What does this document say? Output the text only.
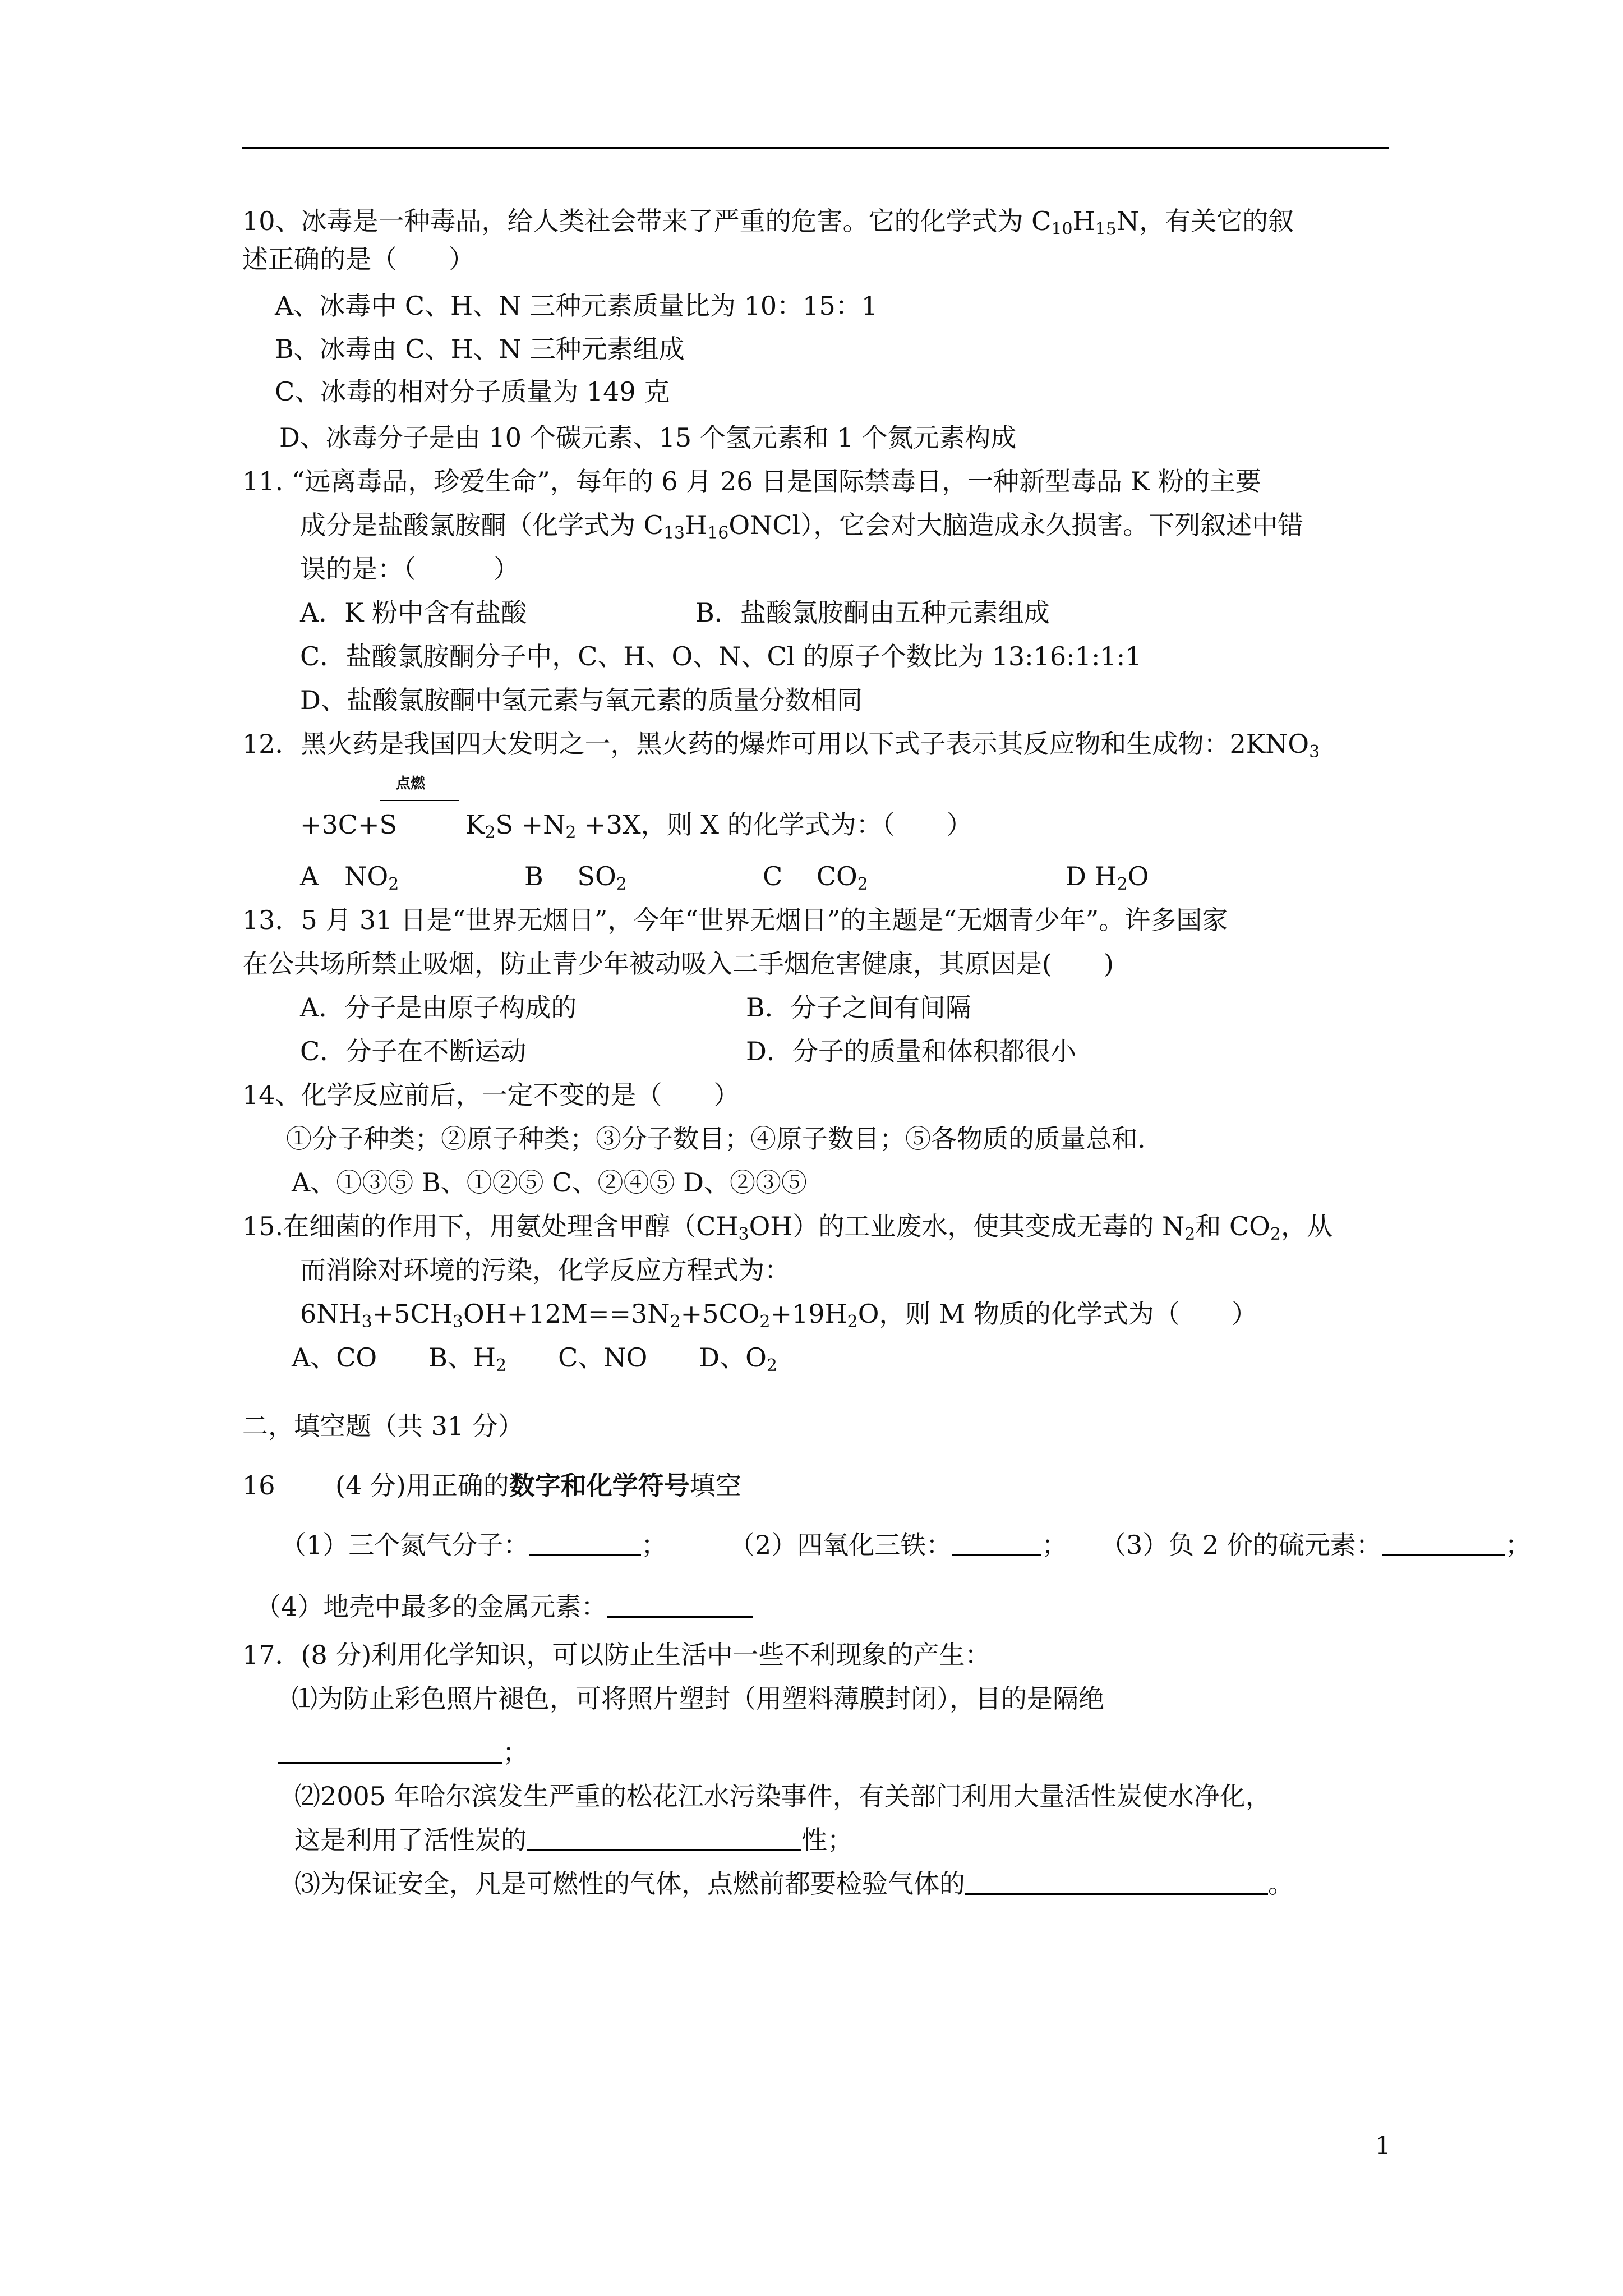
10、冰毒是一种毒品，给人类社会带来了严重的危害。它的化学式为 $C_{10}H_{15}N$，有关它的叙
述正确的是（　　）
A、冰毒中 C、H、N 三种元素质量比为 10：15：1
B、冰毒由 C、H、N 三种元素组成
C、冰毒的相对分子质量为 149 克
D、冰毒分子是由 10 个碳元素、15 个氢元素和 1 个氮元素构成
11. “远离毒品，珍爱生命”，每年的 6 月 26 日是国际禁毒日，一种新型毒品 K 粉的主要
成分是盐酸氯胺酮（化学式为 $C_{13}H_{16}ONCl$），它会对大脑造成永久损害。下列叙述中错
误的是：（　　　）
A．K 粉中含有盐酸	B．盐酸氯胺酮由五种元素组成
C．盐酸氯胺酮分子中，C、H、O、N、Cl 的原子个数比为 13:16:1:1:1
D、盐酸氯胺酮中氢元素与氧元素的质量分数相同
12．黑火药是我国四大发明之一，黑火药的爆炸可用以下式子表示其反应物和生成物：$2KNO_3$
点燃
+3C+S	$K_2S +N_2 +3X$，则 X 的化学式为：（　　）
A　$NO_2$	B　 $SO_2$	C　 $CO_2$	D $H_2O$
13．5 月 31 日是“世界无烟日”，今年“世界无烟日”的主题是“无烟青少年”。许多国家
在公共场所禁止吸烟，防止青少年被动吸入二手烟危害健康，其原因是(　　)
A．分子是由原子构成的	B．分子之间有间隔
C．分子在不断运动	D．分子的质量和体积都很小
14、化学反应前后，一定不变的是（　　）
①分子种类；②原子种类；③分子数目；④原子数目；⑤各物质的质量总和.
A、①③⑤ B、①②⑤ C、②④⑤ D、②③⑤
15.在细菌的作用下，用氨处理含甲醇$(CH_3OH)$的工业废水，使其变成无毒的 $N_2$和 $CO_2$，从
而消除对环境的污染，化学反应方程式为：
$6NH_3+5CH_3OH+12M==3N_2+5CO_2+19H_2O$，则 M 物质的化学式为（　　）
A、CO　　B、$H_2$　　C、NO　　D、$O_2$
二，填空题（共 31 分）
16 (4 分)用正确的数字和化学符号填空
（1）三个氮气分子：	； （2）四氧化三铁：	； （3）负 2 价的硫元素：	；
（4）地壳中最多的金属元素：
17．(8 分)利用化学知识，可以防止生活中一些不利现象的产生：
⑴为防止彩色照片褪色，可将照片塑封（用塑料薄膜封闭），目的是隔绝
；
⑵2005 年哈尔滨发生严重的松花江水污染事件，有关部门利用大量活性炭使水净化，
这是利用了活性炭的	性；
⑶为保证安全，凡是可燃性的气体，点燃前都要检验气体的	。
1
